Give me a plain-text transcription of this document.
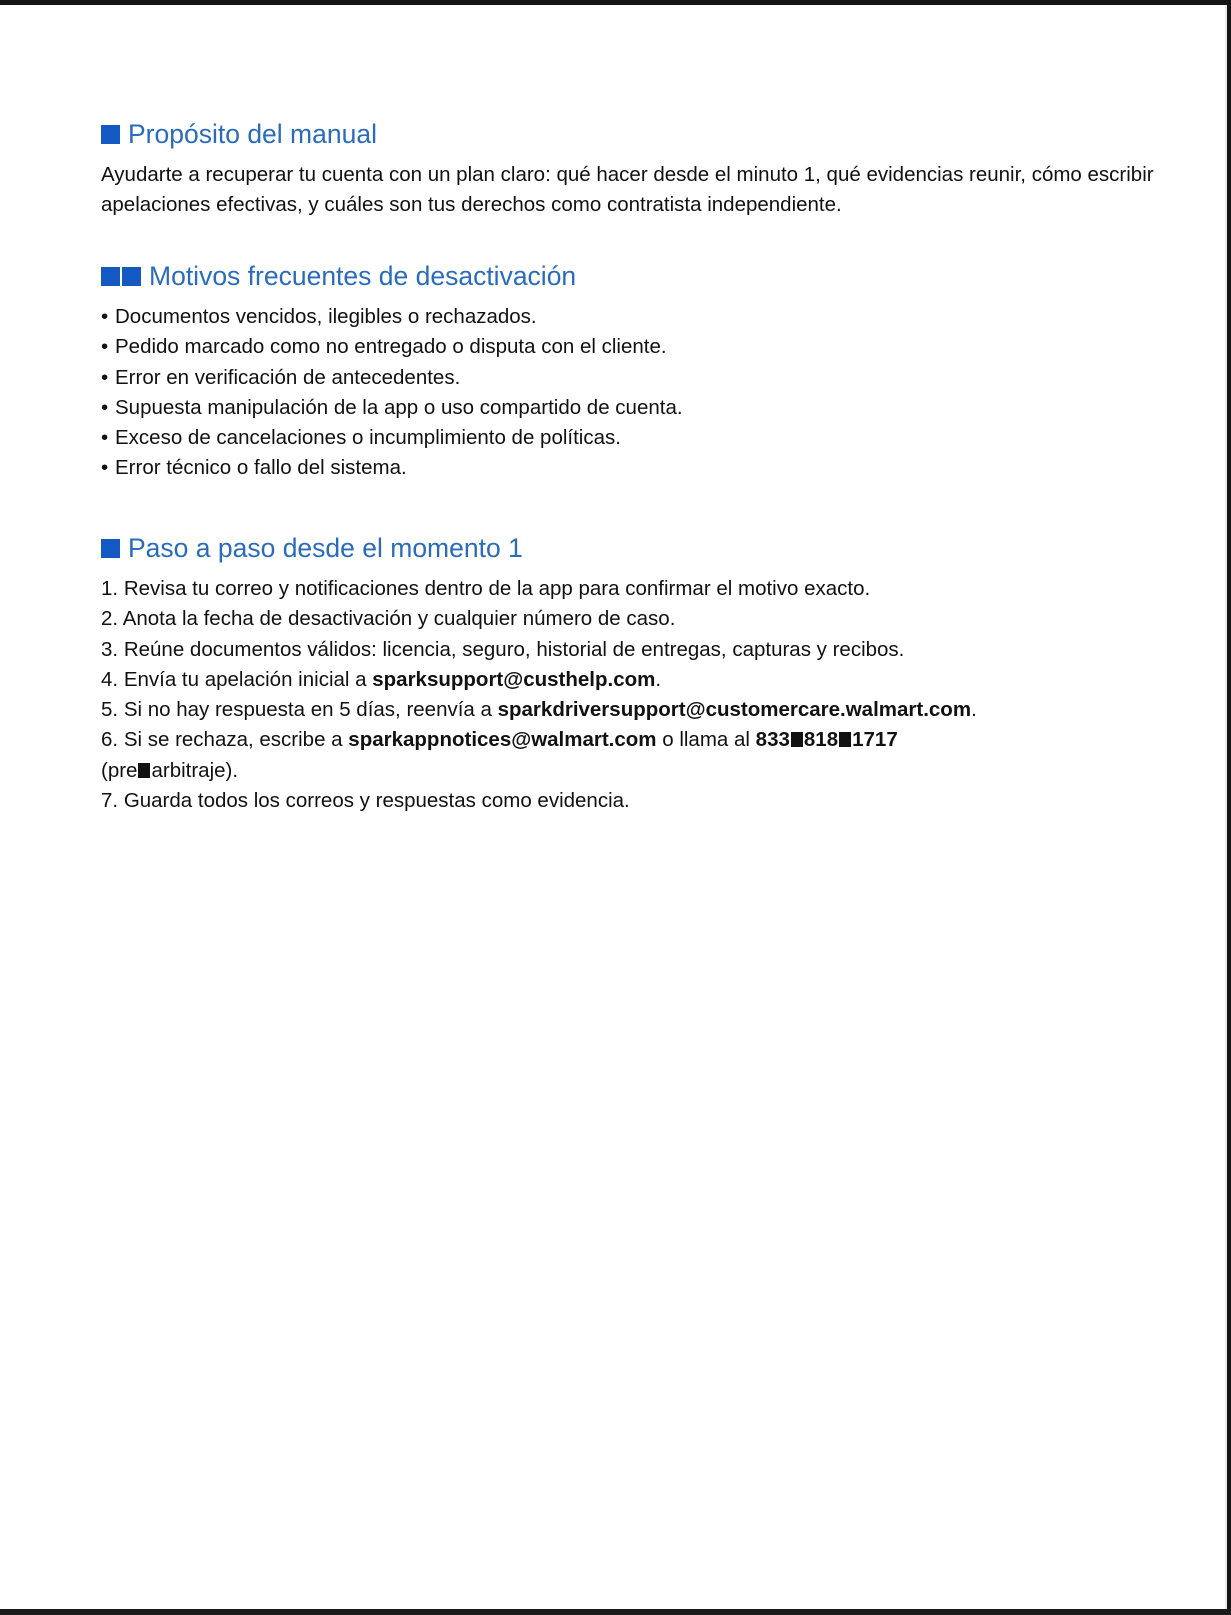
Propósito del manual

Ayudarte a recuperar tu cuenta con un plan claro: qué hacer desde el minuto 1, qué evidencias reunir, cómo escribir apelaciones efectivas, y cuáles son tus derechos como contratista independiente.

Motivos frecuentes de desactivación
• Documentos vencidos, ilegibles o rechazados.
• Pedido marcado como no entregado o disputa con el cliente.
• Error en verificación de antecedentes.
• Supuesta manipulación de la app o uso compartido de cuenta.
• Exceso de cancelaciones o incumplimiento de políticas.
• Error técnico o fallo del sistema.
Paso a paso desde el momento 1
1. Revisa tu correo y notificaciones dentro de la app para confirmar el motivo exacto.
2. Anota la fecha de desactivación y cualquier número de caso.
3. Reúne documentos válidos: licencia, seguro, historial de entregas, capturas y recibos.
4. Envía tu apelación inicial a sparksupport@custhelp.com.
5. Si no hay respuesta en 5 días, reenvía a sparkdriversupport@customercare.walmart.com.
6. Si se rechaza, escribe a sparkappnotices@walmart.com o llama al 833 818 1717
(pre arbitraje).
7. Guarda todos los correos y respuestas como evidencia.
